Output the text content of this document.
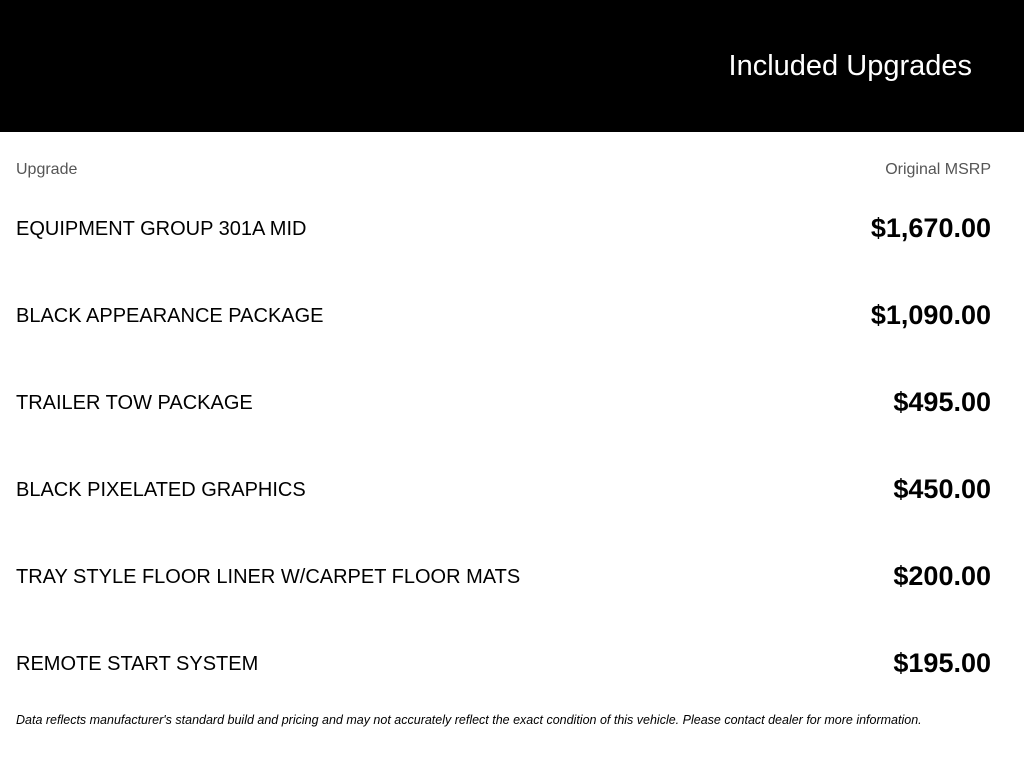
Included Upgrades
Upgrade	Original MSRP
EQUIPMENT GROUP 301A MID	$1,670.00
BLACK APPEARANCE PACKAGE	$1,090.00
TRAILER TOW PACKAGE	$495.00
BLACK PIXELATED GRAPHICS	$450.00
TRAY STYLE FLOOR LINER W/CARPET FLOOR MATS	$200.00
REMOTE START SYSTEM	$195.00
Data reflects manufacturer's standard build and pricing and may not accurately reflect the exact condition of this vehicle. Please contact dealer for more information.
